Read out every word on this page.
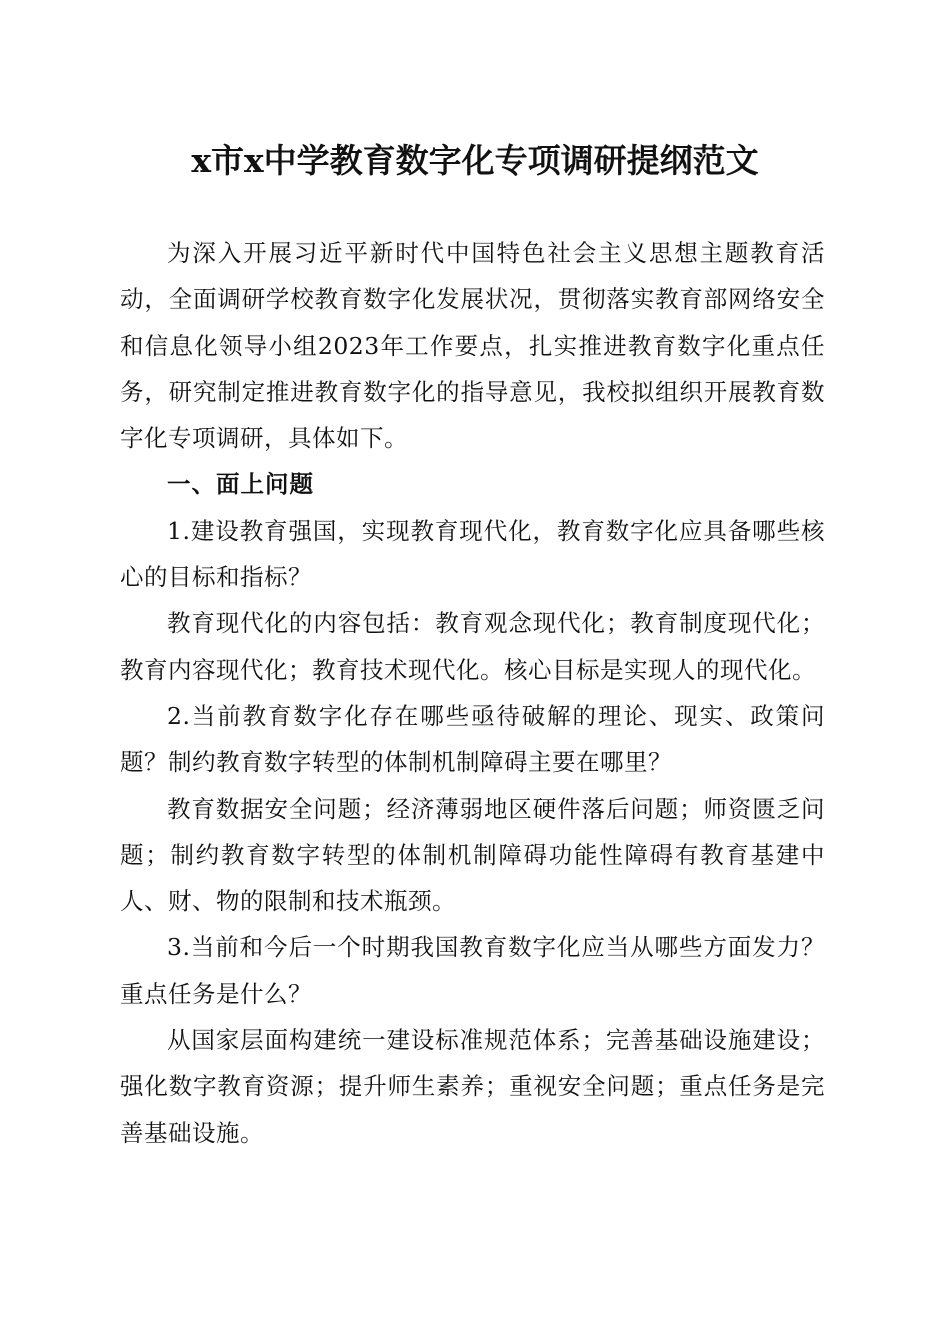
x市x中学教育数字化专项调研提纲范文

为深入开展习近平新时代中国特色社会主义思想主题教育活动，全面调研学校教育数字化发展状况，贯彻落实教育部网络安全和信息化领导小组2023年工作要点，扎实推进教育数字化重点任务，研究制定推进教育数字化的指导意见，我校拟组织开展教育数字化专项调研，具体如下。

一、面上问题

1.建设教育强国，实现教育现代化，教育数字化应具备哪些核心的目标和指标？

教育现代化的内容包括：教育观念现代化；教育制度现代化；教育内容现代化；教育技术现代化。核心目标是实现人的现代化。

2.当前教育数字化存在哪些亟待破解的理论、现实、政策问题？制约教育数字转型的体制机制障碍主要在哪里？

教育数据安全问题；经济薄弱地区硬件落后问题；师资匮乏问题；制约教育数字转型的体制机制障碍功能性障碍有教育基建中人、财、物的限制和技术瓶颈。

3.当前和今后一个时期我国教育数字化应当从哪些方面发力？重点任务是什么？

从国家层面构建统一建设标准规范体系；完善基础设施建设；强化数字教育资源；提升师生素养；重视安全问题；重点任务是完善基础设施。
